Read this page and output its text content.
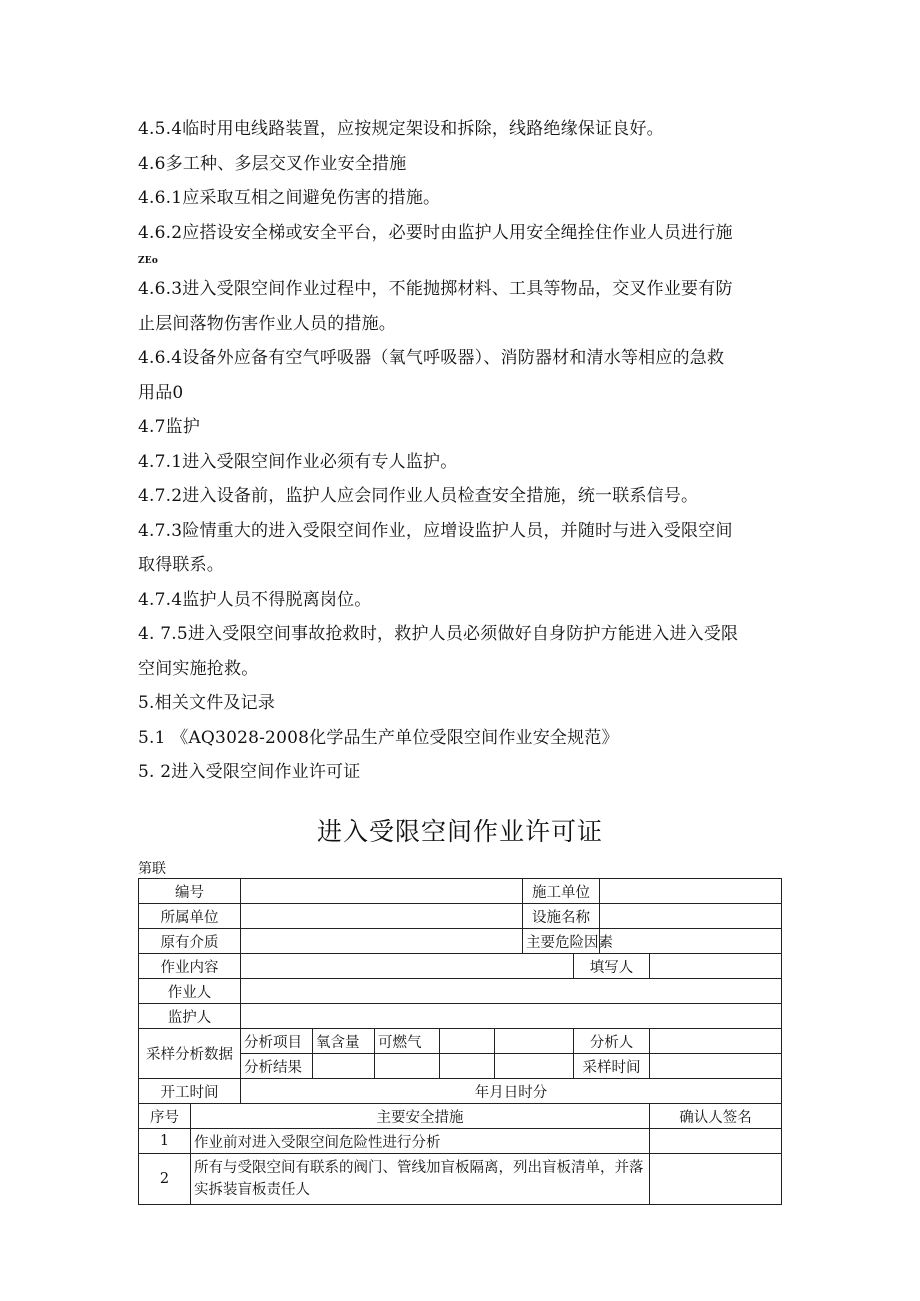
4.5.4临时用电线路装置，应按规定架设和拆除，线路绝缘保证良好。
4.6多工种、多层交叉作业安全措施
4.6.1应采取互相之间避免伤害的措施。
4.6.2应搭设安全梯或安全平台，必要时由监护人用安全绳拴住作业人员进行施
ZEo
4.6.3进入受限空间作业过程中，不能抛掷材料、工具等物品，交叉作业要有防
止层间落物伤害作业人员的措施。
4.6.4设备外应备有空气呼吸器（氧气呼吸器）、消防器材和清水等相应的急救
用品0
4.7监护
4.7.1进入受限空间作业必须有专人监护。
4.7.2进入设备前，监护人应会同作业人员检查安全措施，统一联系信号。
4.7.3险情重大的进入受限空间作业，应增设监护人员，并随时与进入受限空间
取得联系。
4.7.4监护人员不得脱离岗位。
4. 7.5进入受限空间事故抢救时，救护人员必须做好自身防护方能进入进入受限
空间实施抢救。
5.相关文件及记录
5.1 《AQ3028-2008化学品生产单位受限空间作业安全规范》
5. 2进入受限空间作业许可证
进入受限空间作业许可证
第联
编号							施工单位			
所属单位							设施名称			
原有介质							主要危险因素			
作业内容								填写人		
作业人										
监护人										
采样分析数据		分析项目	氧含量	可燃气				分析人		
		分析结果						采样时间		
开工时间		年月日时分								
序号	主要安全措施									确认人签名
1	作业前对进入受限空间危险性进行分析									
2	所有与受限空间有联系的阀门、管线加盲板隔离，列出盲板清单，并落实拆装盲板责任人									
